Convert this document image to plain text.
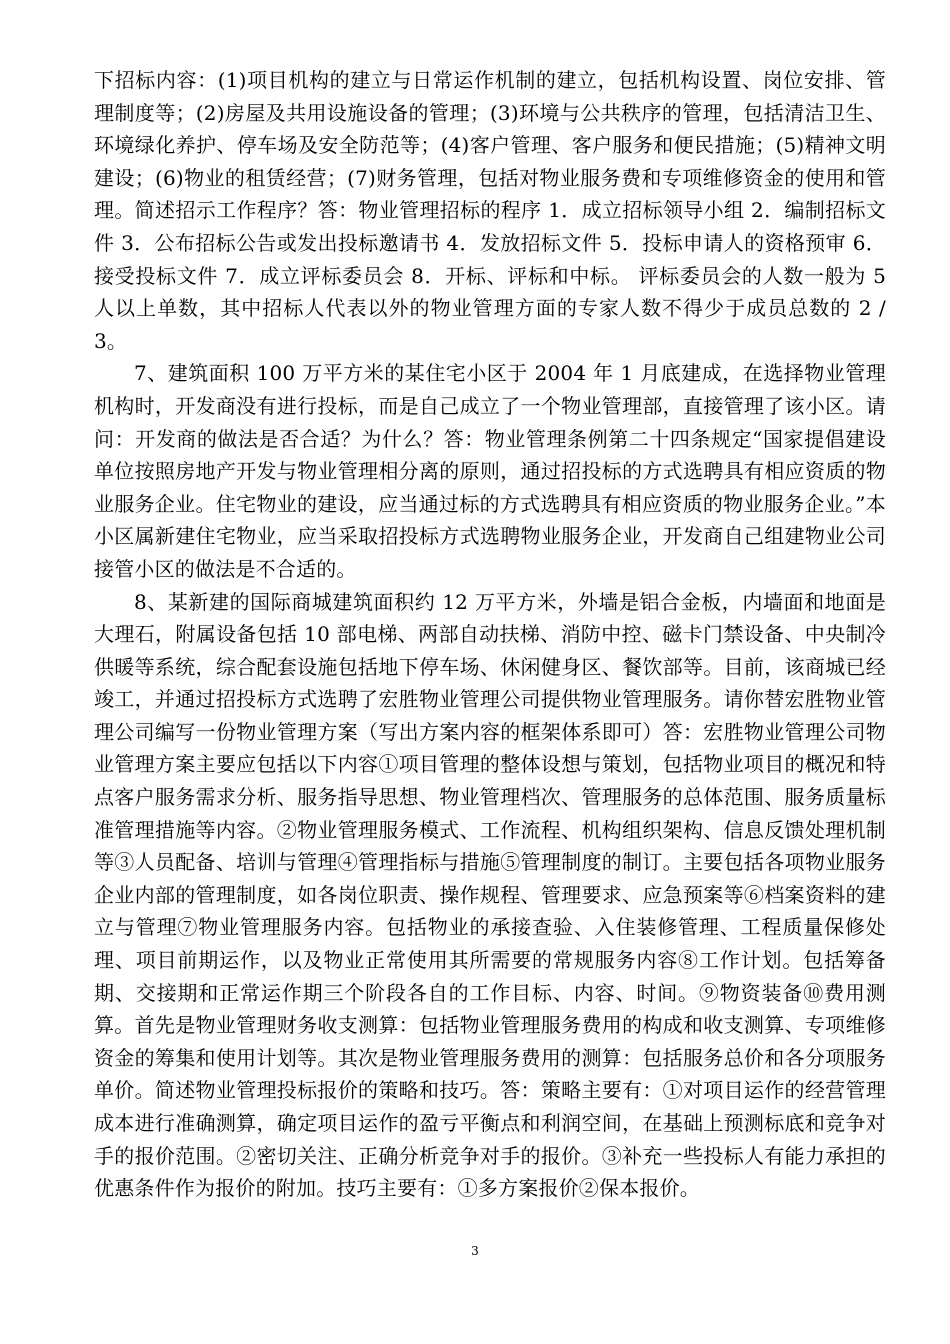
下招标内容：(1)项目机构的建立与日常运作机制的建立，包括机构设置、岗位安排、管理制度等；(2)房屋及共用设施设备的管理；(3)环境与公共秩序的管理，包括清洁卫生、环境绿化养护、停车场及安全防范等；(4)客户管理、客户服务和便民措施；(5)精神文明建设；(6)物业的租赁经营；(7)财务管理，包括对物业服务费和专项维修资金的使用和管理。简述招示工作程序？答：物业管理招标的程序 1．成立招标领导小组 2．编制招标文件 3．公布招标公告或发出投标邀请书 4．发放招标文件 5．投标申请人的资格预审 6．接受投标文件 7．成立评标委员会 8．开标、评标和中标。 评标委员会的人数一般为 5 人以上单数，其中招标人代表以外的物业管理方面的专家人数不得少于成员总数的 2 / 3。

7、建筑面积 100 万平方米的某住宅小区于 2004 年 1 月底建成，在选择物业管理机构时，开发商没有进行投标，而是自己成立了一个物业管理部，直接管理了该小区。请问：开发商的做法是否合适？为什么？答：物业管理条例第二十四条规定“国家提倡建设单位按照房地产开发与物业管理相分离的原则，通过招投标的方式选聘具有相应资质的物业服务企业。住宅物业的建设，应当通过标的方式选聘具有相应资质的物业服务企业。”本小区属新建住宅物业，应当采取招投标方式选聘物业服务企业，开发商自己组建物业公司接管小区的做法是不合适的。

8、某新建的国际商城建筑面积约 12 万平方米，外墙是铝合金板，内墙面和地面是大理石，附属设备包括 10 部电梯、两部自动扶梯、消防中控、磁卡门禁设备、中央制冷供暖等系统，综合配套设施包括地下停车场、休闲健身区、餐饮部等。目前，该商城已经竣工，并通过招投标方式选聘了宏胜物业管理公司提供物业管理服务。请你替宏胜物业管理公司编写一份物业管理方案（写出方案内容的框架体系即可）答：宏胜物业管理公司物业管理方案主要应包括以下内容①项目管理的整体设想与策划，包括物业项目的概况和特点客户服务需求分析、服务指导思想、物业管理档次、管理服务的总体范围、服务质量标准管理措施等内容。②物业管理服务模式、工作流程、机构组织架构、信息反馈处理机制等③人员配备、培训与管理④管理指标与措施⑤管理制度的制订。主要包括各项物业服务企业内部的管理制度，如各岗位职责、操作规程、管理要求、应急预案等⑥档案资料的建立与管理⑦物业管理服务内容。包括物业的承接查验、入住装修管理、工程质量保修处理、项目前期运作，以及物业正常使用其所需要的常规服务内容⑧工作计划。包括筹备期、交接期和正常运作期三个阶段各自的工作目标、内容、时间。⑨物资装备⑩费用测算。首先是物业管理财务收支测算：包括物业管理服务费用的构成和收支测算、专项维修资金的筹集和使用计划等。其次是物业管理服务费用的测算：包括服务总价和各分项服务单价。简述物业管理投标报价的策略和技巧。答：策略主要有：①对项目运作的经营管理成本进行准确测算，确定项目运作的盈亏平衡点和利润空间，在基础上预测标底和竞争对手的报价范围。②密切关注、正确分析竞争对手的报价。③补充一些投标人有能力承担的优惠条件作为报价的附加。技巧主要有：①多方案报价②保本报价。

3
